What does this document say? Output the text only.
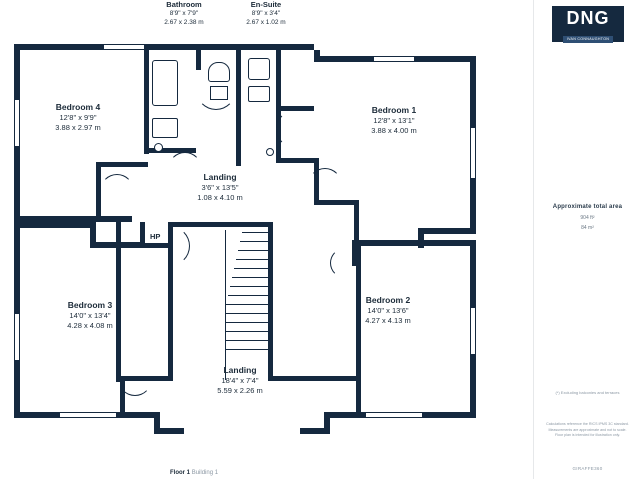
Bathroom
8'9" x 7'9"
2.67 x 2.38 m
En-Suite
8'9" x 3'4"
2.67 x 1.02 m
HP
Bedroom 4
12'8" x 9'9"
3.88 x 2.97 m
Bedroom 1
12'8" x 13'1"
3.88 x 4.00 m
Landing
3'6" x 13'5"
1.08 x 4.10 m
Bedroom 3
14'0" x 13'4"
4.28 x 4.08 m
Bedroom 2
14'0" x 13'6"
4.27 x 4.13 m
Landing
18'4" x 7'4"
5.59 x 2.26 m
Floor 1 Building 1
DNG
IVAN CONNAUGHTON
Approximate total area
904 ft²
84 m²
(*) Excluding balconies and terraces
Calculations reference the RICS IPMS 3C standard. Measurements are approximate and not to scale. Floor plan is intended for illustration only.
GIRAFFE360
